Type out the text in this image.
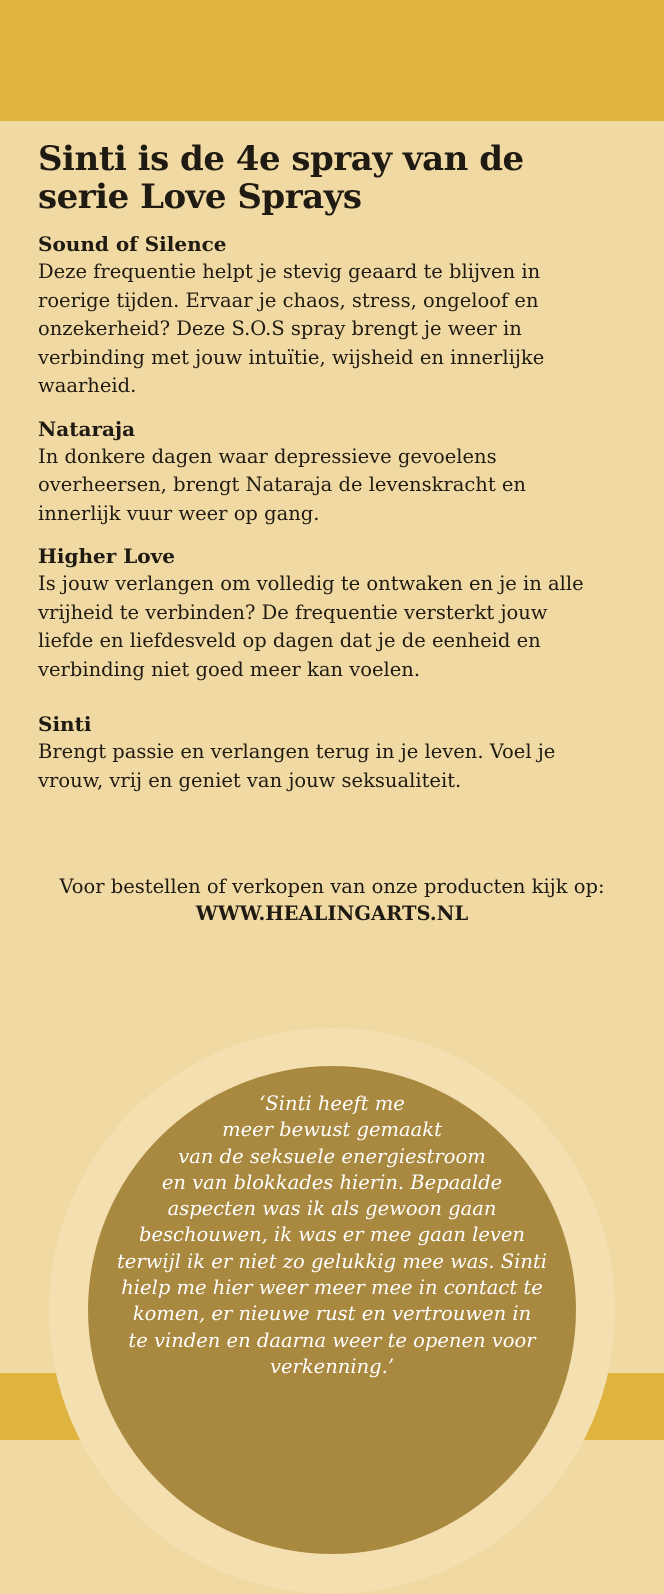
Sinti is de 4e spray van de
serie Love Sprays
Sound of Silence
Deze frequentie helpt je stevig geaard te blijven in
roerige tijden. Ervaar je chaos, stress, ongeloof en
onzekerheid? Deze S.O.S spray brengt je weer in
verbinding met jouw intuïtie, wijsheid en innerlijke
waarheid.
Nataraja
In donkere dagen waar depressieve gevoelens
overheersen, brengt Nataraja de levenskracht en
innerlijk vuur weer op gang.
Higher Love
Is jouw verlangen om volledig te ontwaken en je in alle
vrijheid te verbinden? De frequentie versterkt jouw
liefde en liefdesveld op dagen dat je de eenheid en
verbinding niet goed meer kan voelen.
Sinti
Brengt passie en verlangen terug in je leven. Voel je
vrouw, vrij en geniet van jouw seksualiteit.
Voor bestellen of verkopen van onze producten kijk op:
WWW.HEALINGARTS.NL
‘Sinti heeft me
meer bewust gemaakt
van de seksuele energiestroom
en van blokkades hierin. Bepaalde
aspecten was ik als gewoon gaan
beschouwen, ik was er mee gaan leven
terwijl ik er niet zo gelukkig mee was. Sinti
hielp me hier weer meer mee in contact te
komen, er nieuwe rust en vertrouwen in
te vinden en daarna weer te openen voor
verkenning.’
